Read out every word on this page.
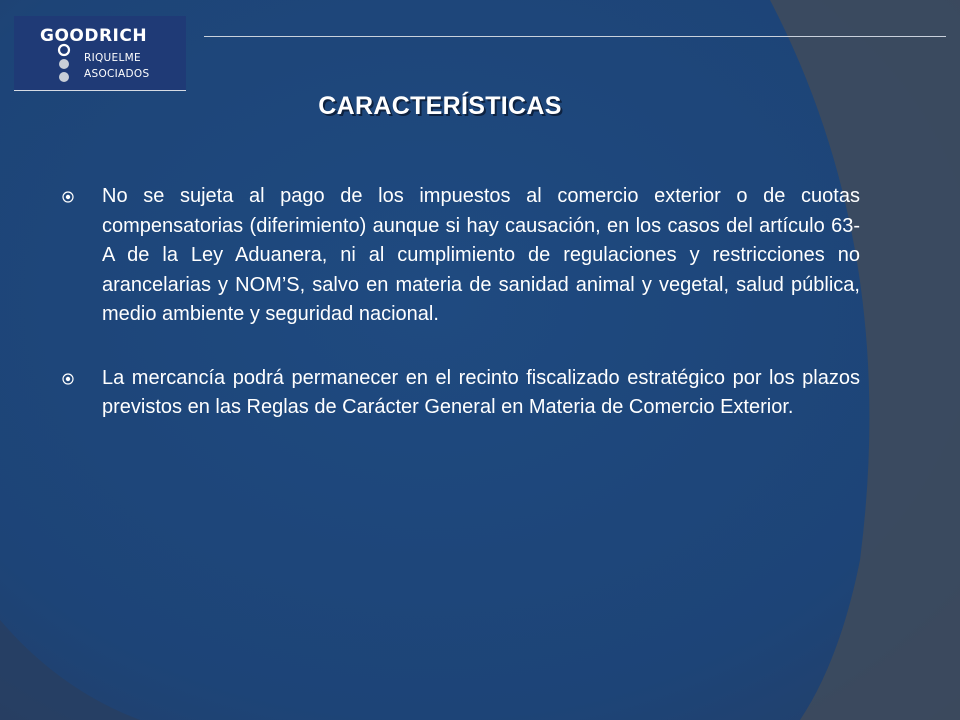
GOODRICH
RIQUELME
ASOCIADOS
CARACTERÍSTICAS
No se sujeta al pago de los impuestos al comercio exterior o de cuotas compensatorias (diferimiento) aunque si hay causación, en los casos del artículo 63-A de la Ley Aduanera, ni al cumplimiento de regulaciones y restricciones no arancelarias y NOM’S, salvo en materia de sanidad animal y vegetal, salud pública, medio ambiente y seguridad nacional.
La mercancía podrá permanecer en el recinto fiscalizado estratégico por los plazos previstos en las Reglas de Carácter General en Materia de Comercio Exterior.
